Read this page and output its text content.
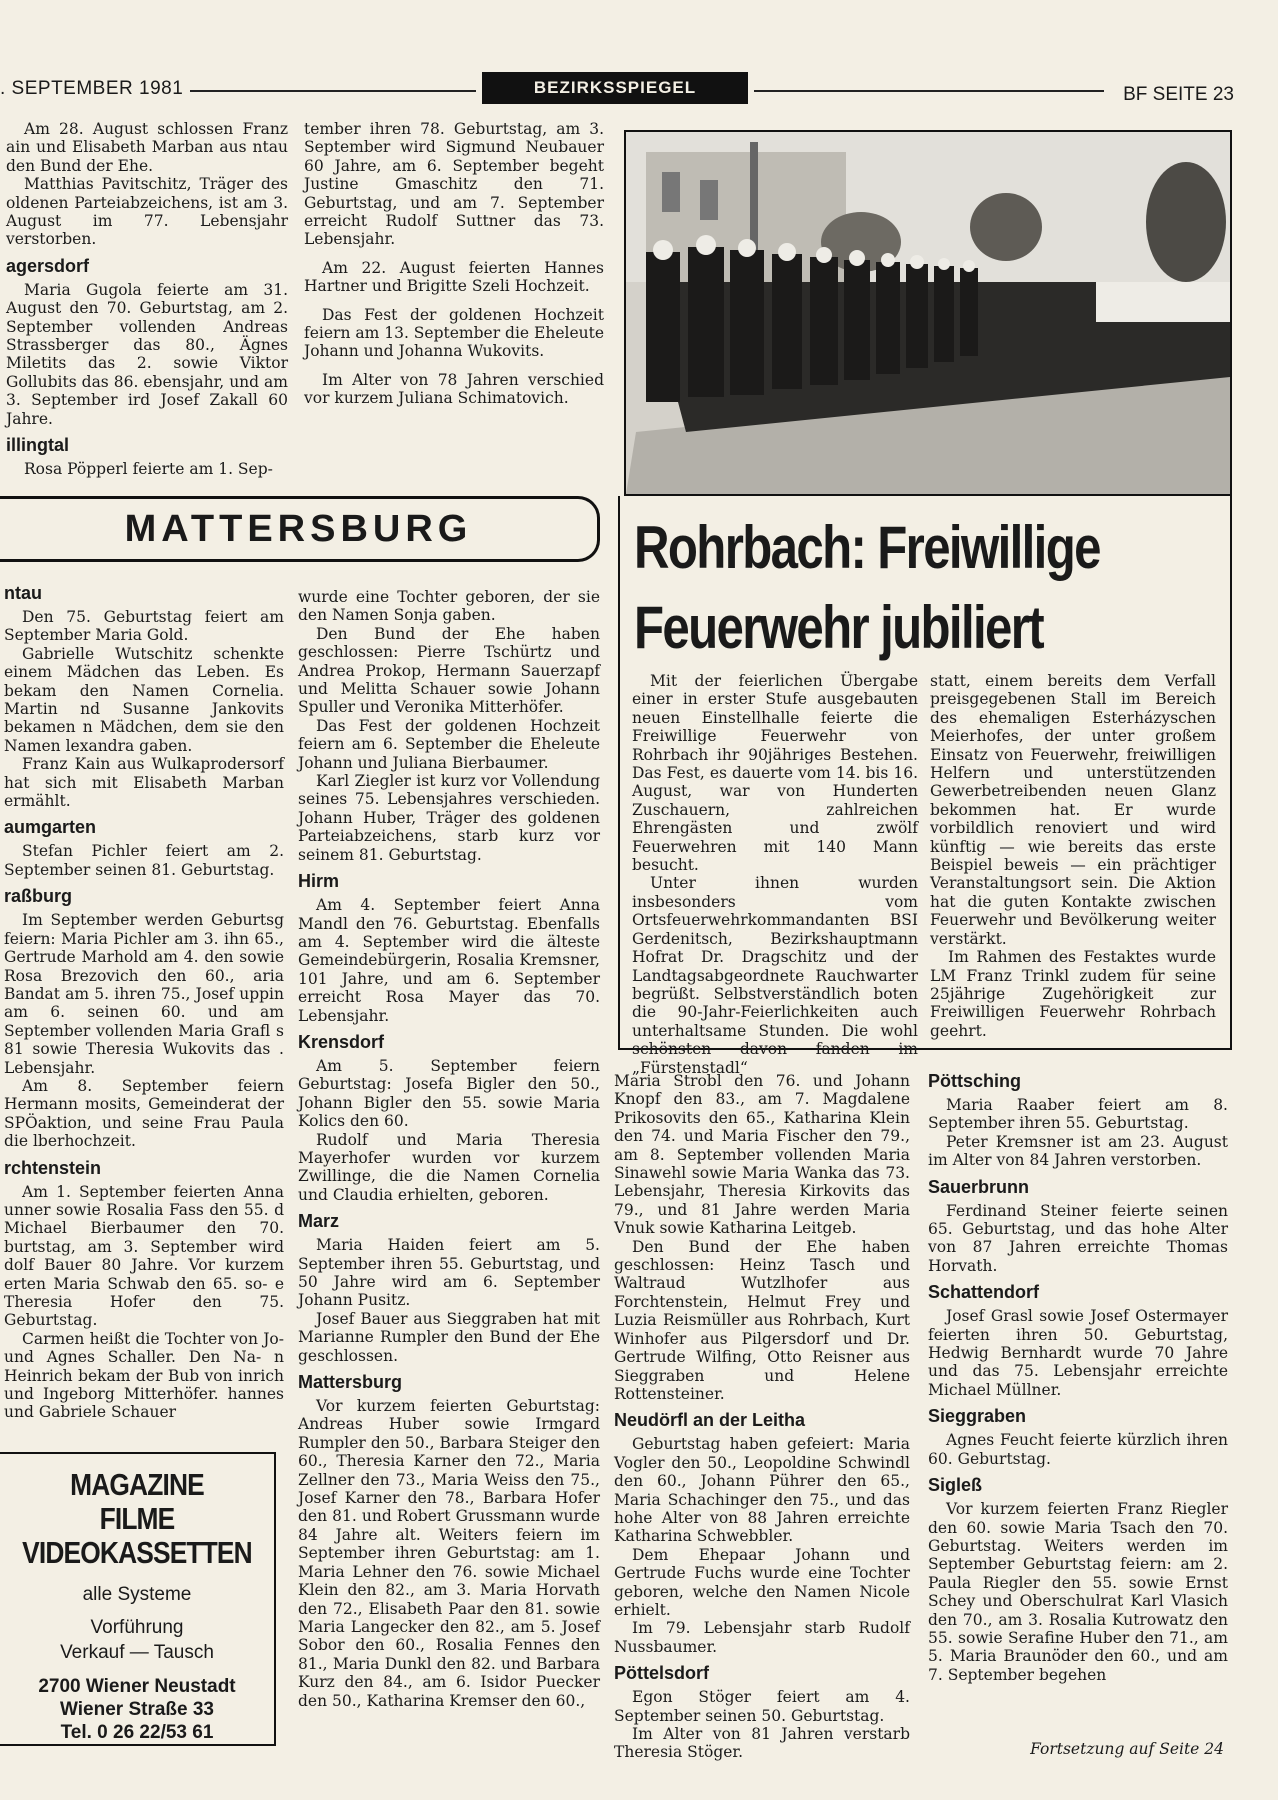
. SEPTEMBER 1981	BEZIRKSSPIEGEL	BF SEITE 23

Am 28. August schlossen Franz ain und Elisabeth Marban aus ntau den Bund der Ehe.

Matthias Pavitschitz, Träger des oldenen Parteiabzeichens, ist am 3. August im 77. Lebensjahr verstorben.

agersdorf

Maria Gugola feierte am 31. August den 70. Geburtstag, am 2. September vollenden Andreas Strassberger das 80., Ägnes Miletits das 2. sowie Viktor Gollubits das 86. ebensjahr, und am 3. September ird Josef Zakall 60 Jahre.

illingtal

Rosa Pöpperl feierte am 1. Sep-

tember ihren 78. Geburtstag, am 3. September wird Sigmund Neubauer 60 Jahre, am 6. September begeht Justine Gmaschitz den 71. Geburtstag, und am 7. September erreicht Rudolf Suttner das 73. Lebensjahr.

Am 22. August feierten Hannes Hartner und Brigitte Szeli Hochzeit.

Das Fest der goldenen Hochzeit feiern am 13. September die Eheleute Johann und Johanna Wukovits.

Im Alter von 78 Jahren verschied vor kurzem Juliana Schimatovich.

MATTERSBURG	Rohrbach: Freiwillige
Feuerwehr jubiliert

Mit der feierlichen Übergabe einer in erster Stufe ausgebauten neuen Einstellhalle feierte die Freiwillige Feuerwehr von Rohrbach ihr 90jähriges Bestehen. Das Fest, es dauerte vom 14. bis 16. August, war von Hunderten Zuschauern, zahlreichen Ehrengästen und zwölf Feuerwehren mit 140 Mann besucht.

Unter ihnen wurden insbesonders vom Ortsfeuerwehrkommandanten BSI Gerdenitsch, Bezirkshauptmann Hofrat Dr. Dragschitz und der Landtagsabgeordnete Rauchwarter begrüßt. Selbstverständlich boten die 90-Jahr-Feierlichkeiten auch unterhaltsame Stunden. Die wohl schönsten davon fanden im „Fürstenstadl“

statt, einem bereits dem Verfall preisgegebenen Stall im Bereich des ehemaligen Esterházyschen Meierhofes, der unter großem Einsatz von Feuerwehr, freiwilligen Helfern und unterstützenden Gewerbetreibenden neuen Glanz bekommen hat. Er wurde vorbildlich renoviert und wird künftig — wie bereits das erste Beispiel beweis — ein prächtiger Veranstaltungsort sein. Die Aktion hat die guten Kontakte zwischen Feuerwehr und Bevölkerung weiter verstärkt.

Im Rahmen des Festaktes wurde LM Franz Trinkl zudem für seine 25jährige Zugehörigkeit zur Freiwilligen Feuerwehr Rohrbach geehrt.

ntau

Den 75. Geburtstag feiert am September Maria Gold.

Gabrielle Wutschitz schenkte einem Mädchen das Leben. Es bekam den Namen Cornelia. Martin nd Susanne Jankovits bekamen n Mädchen, dem sie den Namen lexandra gaben.

Franz Kain aus Wulkaprodersorf hat sich mit Elisabeth Marban ermählt.

aumgarten

Stefan Pichler feiert am 2. September seinen 81. Geburtstag.

raßburg

Im September werden Geburtsg feiern: Maria Pichler am 3. ihn 65., Gertrude Marhold am 4. den sowie Rosa Brezovich den 60., aria Bandat am 5. ihren 75., Josef uppin am 6. seinen 60. und am September vollenden Maria Grafl s 81 sowie Theresia Wukovits das . Lebensjahr.

Am 8. September feiern Hermann mosits, Gemeinderat der SPÖaktion, und seine Frau Paula die lberhochzeit.

rchtenstein

Am 1. September feierten Anna unner sowie Rosalia Fass den 55. d Michael Bierbaumer den 70. burtstag, am 3. September wird dolf Bauer 80 Jahre. Vor kurzem erten Maria Schwab den 65. so- e Theresia Hofer den 75. Geburtstag.

Carmen heißt die Tochter von Jo- und Agnes Schaller. Den Na- n Heinrich bekam der Bub von inrich und Ingeborg Mitterhöfer. hannes und Gabriele Schauer

MAGAZINE
FILME
VIDEOKASSETTEN
alle Systeme
Vorführung
Verkauf — Tausch
2700 Wiener Neustadt
Wiener Straße 33
Tel. 0 26 22/53 61

wurde eine Tochter geboren, der sie den Namen Sonja gaben.

Den Bund der Ehe haben geschlossen: Pierre Tschürtz und Andrea Prokop, Hermann Sauerzapf und Melitta Schauer sowie Johann Spuller und Veronika Mitterhöfer.

Das Fest der goldenen Hochzeit feiern am 6. September die Eheleute Johann und Juliana Bierbaumer.

Karl Ziegler ist kurz vor Vollendung seines 75. Lebensjahres verschieden. Johann Huber, Träger des goldenen Parteiabzeichens, starb kurz vor seinem 81. Geburtstag.

Hirm

Am 4. September feiert Anna Mandl den 76. Geburtstag. Ebenfalls am 4. September wird die älteste Gemeindebürgerin, Rosalia Kremsner, 101 Jahre, und am 6. September erreicht Rosa Mayer das 70. Lebensjahr.

Krensdorf

Am 5. September feiern Geburtstag: Josefa Bigler den 50., Johann Bigler den 55. sowie Maria Kolics den 60.

Rudolf und Maria Theresia Mayerhofer wurden vor kurzem Zwillinge, die die Namen Cornelia und Claudia erhielten, geboren.

Marz

Maria Haiden feiert am 5. September ihren 55. Geburtstag, und 50 Jahre wird am 6. September Johann Pusitz.

Josef Bauer aus Sieggraben hat mit Marianne Rumpler den Bund der Ehe geschlossen.

Mattersburg

Vor kurzem feierten Geburtstag: Andreas Huber sowie Irmgard Rumpler den 50., Barbara Steiger den 60., Theresia Karner den 72., Maria Zellner den 73., Maria Weiss den 75., Josef Karner den 78., Barbara Hofer den 81. und Robert Grussmann wurde 84 Jahre alt. Weiters feiern im September ihren Geburtstag: am 1. Maria Lehner den 76. sowie Michael Klein den 82., am 3. Maria Horvath den 72., Elisabeth Paar den 81. sowie Maria Langecker den 82., am 5. Josef Sobor den 60., Rosalia Fennes den 81., Maria Dunkl den 82. und Barbara Kurz den 84., am 6. Isidor Puecker den 50., Katharina Kremser den 60.,

Maria Strobl den 76. und Johann Knopf den 83., am 7. Magdalene Prikosovits den 65., Katharina Klein den 74. und Maria Fischer den 79., am 8. September vollenden Maria Sinawehl sowie Maria Wanka das 73. Lebensjahr, Theresia Kirkovits das 79., und 81 Jahre werden Maria Vnuk sowie Katharina Leitgeb.

Den Bund der Ehe haben geschlossen: Heinz Tasch und Waltraud Wutzlhofer aus Forchtenstein, Helmut Frey und Luzia Reismüller aus Rohrbach, Kurt Winhofer aus Pilgersdorf und Dr. Gertrude Wilfing, Otto Reisner aus Sieggraben und Helene Rottensteiner.

Neudörfl an der Leitha

Geburtstag haben gefeiert: Maria Vogler den 50., Leopoldine Schwindl den 60., Johann Pührer den 65., Maria Schachinger den 75., und das hohe Alter von 88 Jahren erreichte Katharina Schwebbler.

Dem Ehepaar Johann und Gertrude Fuchs wurde eine Tochter geboren, welche den Namen Nicole erhielt.

Im 79. Lebensjahr starb Rudolf Nussbaumer.

Pöttelsdorf

Egon Stöger feiert am 4. September seinen 50. Geburtstag.

Im Alter von 81 Jahren verstarb Theresia Stöger.

Pöttsching

Maria Raaber feiert am 8. September ihren 55. Geburtstag.

Peter Kremsner ist am 23. August im Alter von 84 Jahren verstorben.

Sauerbrunn

Ferdinand Steiner feierte seinen 65. Geburtstag, und das hohe Alter von 87 Jahren erreichte Thomas Horvath.

Schattendorf

Josef Grasl sowie Josef Ostermayer feierten ihren 50. Geburtstag, Hedwig Bernhardt wurde 70 Jahre und das 75. Lebensjahr erreichte Michael Müllner.

Sieggraben

Agnes Feucht feierte kürzlich ihren 60. Geburtstag.

Sigleß

Vor kurzem feierten Franz Riegler den 60. sowie Maria Tsach den 70. Geburtstag. Weiters werden im September Geburtstag feiern: am 2. Paula Riegler den 55. sowie Ernst Schey und Oberschulrat Karl Vlasich den 70., am 3. Rosalia Kutrowatz den 55. sowie Serafine Huber den 71., am 5. Maria Braunöder den 60., und am 7. September begehen

Fortsetzung auf Seite 24
